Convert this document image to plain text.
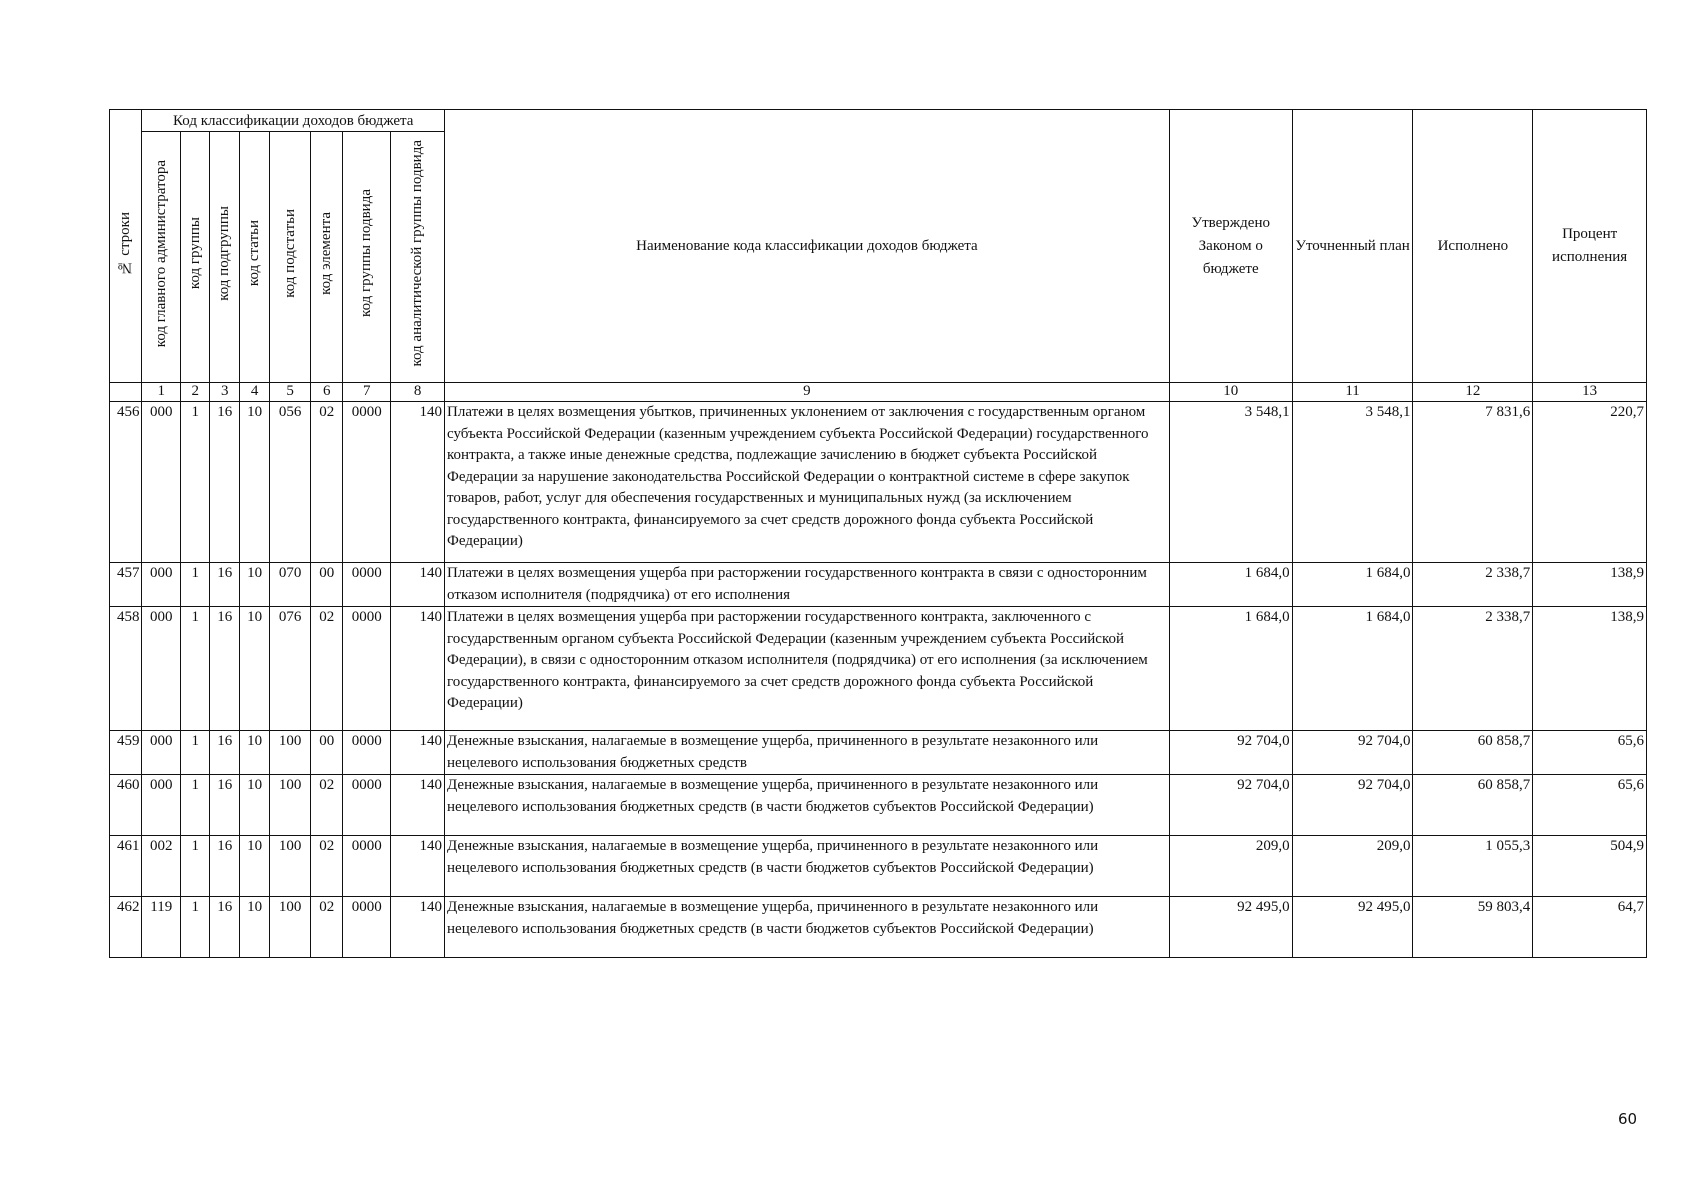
№ строки	Код классификации доходов бюджета								Наименование кода классификации доходов бюджета	Утверждено Законом о бюджете	Уточненный план	Исполнено	Процент исполнения
	код главного администратора	код группы	код подгруппы	код статьи	код подстатьи	код элемента	код группы подвида	код аналитической группы подвида					
	1	2	3	4	5	6	7	8	9	10	11	12	13
456	000	1	16	10	056	02	0000	140	Платежи в целях возмещения убытков, причиненных уклонением от заключения с государственным органом субъекта Российской Федерации (казенным учреждением субъекта Российской Федерации) государственного контракта, а также иные денежные средства, подлежащие зачислению в бюджет субъекта Российской Федерации за нарушение законодательства Российской Федерации о контрактной системе в сфере закупок товаров, работ, услуг для обеспечения государственных и муниципальных нужд (за исключением государственного контракта, финансируемого за счет средств дорожного фонда субъекта Российской Федерации)	3 548,1	3 548,1	7 831,6	220,7
457	000	1	16	10	070	00	0000	140	Платежи в целях возмещения ущерба при расторжении государственного контракта в связи с односторонним отказом исполнителя (подрядчика) от его исполнения	1 684,0	1 684,0	2 338,7	138,9
458	000	1	16	10	076	02	0000	140	Платежи в целях возмещения ущерба при расторжении государственного контракта, заключенного с государственным органом субъекта Российской Федерации (казенным учреждением субъекта Российской Федерации), в связи с односторонним отказом исполнителя (подрядчика) от его исполнения (за исключением государственного контракта, финансируемого за счет средств дорожного фонда субъекта Российской Федерации)	1 684,0	1 684,0	2 338,7	138,9
459	000	1	16	10	100	00	0000	140	Денежные взыскания, налагаемые в возмещение ущерба, причиненного в результате незаконного или нецелевого использования бюджетных средств	92 704,0	92 704,0	60 858,7	65,6
460	000	1	16	10	100	02	0000	140	Денежные взыскания, налагаемые в возмещение ущерба, причиненного в результате незаконного или нецелевого использования бюджетных средств (в части бюджетов субъектов Российской Федерации)	92 704,0	92 704,0	60 858,7	65,6
461	002	1	16	10	100	02	0000	140	Денежные взыскания, налагаемые в возмещение ущерба, причиненного в результате незаконного или нецелевого использования бюджетных средств (в части бюджетов субъектов Российской Федерации)	209,0	209,0	1 055,3	504,9
462	119	1	16	10	100	02	0000	140	Денежные взыскания, налагаемые в возмещение ущерба, причиненного в результате незаконного или нецелевого использования бюджетных средств (в части бюджетов субъектов Российской Федерации)	92 495,0	92 495,0	59 803,4	64,7
60
